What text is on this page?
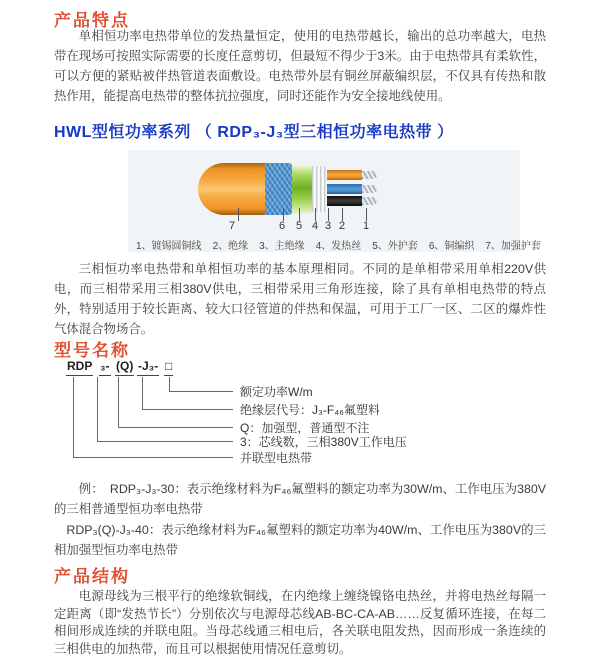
产品特点
单相恒功率电热带单位的发热量恒定，使用的电热带越长，输出的总功率越大，电热带在现场可按照实际需要的长度任意剪切，但最短不得少于3米。由于电热带具有柔软性，可以方便的紧贴被伴热管道表面敷设。电热带外层有铜丝屏蔽编织层，不仅具有传热和散热作用，能提高电热带的整体抗拉强度，同时还能作为安全接地线使用。
HWL型恒功率系列 （ RDP₃-J₃型三相恒功率电热带 ）
7	6 5 4 3 2 1
1、镀锡圆铜线 2、绝缘 3、主绝缘 4、发热丝 5、外护套 6、铜编织 7、加强护套
三相恒功率电热带和单相恒功率的基本原理相同。不同的是单相带采用单相220V供电，而三相带采用三相380V供电，三相带采用三角形连接，除了具有单相电热带的特点外，特别适用于较长距离、较大口径管道的伴热和保温，可用于工厂一区、二区的爆炸性气体混合物场合。
型号名称
RDP ₃- (Q) -J₃- □
额定功率W/m
绝缘层代号：J₃-F₄₆氟塑料
Q：加强型，普通型不注
3：芯线数，三相380V工作电压
并联型电热带
例：　RDP₃-J₃-30：表示绝缘材料为F₄₆氟塑料的额定功率为30W/m、工作电压为380V的三相普通型恒功率电热带
RDP₃(Q)-J₃-40：表示绝缘材料为F₄₆氟塑料的额定功率为40W/m、工作电压为380V的三相加强型恒功率电热带
产品结构
电源母线为三根平行的绝缘软铜线，在内绝缘上缠绕镍铬电热丝，并将电热丝每隔一定距离（即“发热节长”）分别依次与电源母芯线AB-BC-CA-AB……反复循环连接，在每二相间形成连续的并联电阻。当母芯线通三相电后，各关联电阻发热，因而形成一条连续的三相供电的加热带，而且可以根据使用情况任意剪切。
